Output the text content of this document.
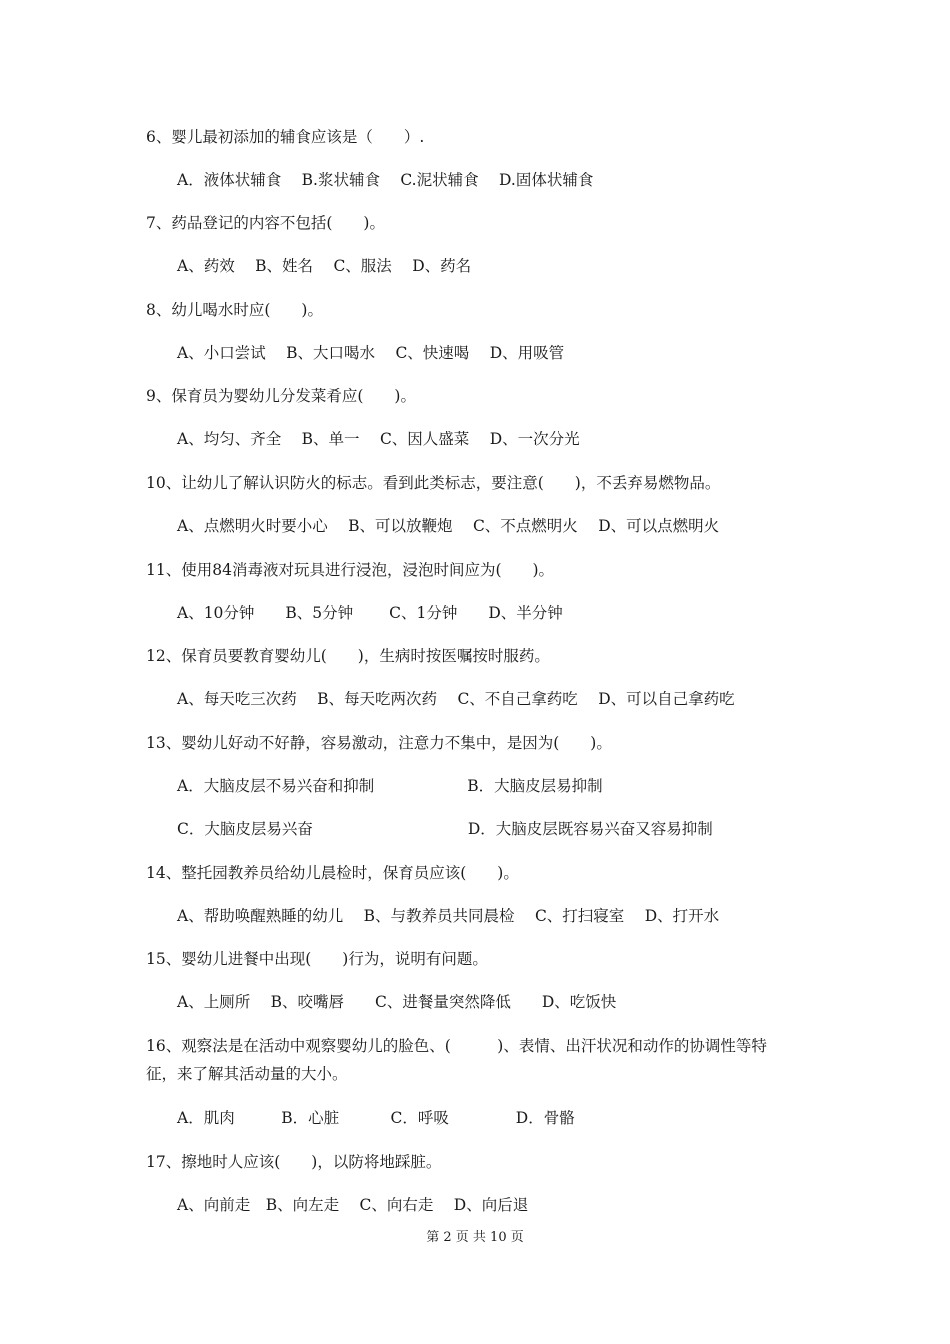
6、婴儿最初添加的辅食应该是（　　）.
A．液体状辅食　 B.浆状辅食　 C.泥状辅食　 D.固体状辅食
7、药品登记的内容不包括(　　)。
A、药效　 B、姓名　 C、服法　 D、药名
8、幼儿喝水时应(　　)。
A、小口尝试　 B、大口喝水　 C、快速喝　 D、用吸管
9、保育员为婴幼儿分发菜肴应(　　)。
A、均匀、齐全　 B、单一　 C、因人盛菜　 D、一次分光
10、让幼儿了解认识防火的标志。看到此类标志，要注意(　　)，不丢弃易燃物品。
A、点燃明火时要小心　 B、可以放鞭炮　 C、不点燃明火　 D、可以点燃明火
11、使用84消毒液对玩具进行浸泡，浸泡时间应为(　　)。
A、10分钟　　B、5分钟　　 C、1分钟　　D、半分钟
12、保育员要教育婴幼儿(　　)，生病时按医嘱按时服药。
A、每天吃三次药　 B、每天吃两次药　 C、不自己拿药吃　 D、可以自己拿药吃
13、婴幼儿好动不好静，容易激动，注意力不集中，是因为(　　)。
A．大脑皮层不易兴奋和抑制　　　　　　B．大脑皮层易抑制
C．大脑皮层易兴奋　　　　　　　　　　D．大脑皮层既容易兴奋又容易抑制
14、整托园教养员给幼儿晨检时，保育员应该(　　)。
A、帮助唤醒熟睡的幼儿　 B、与教养员共同晨检　 C、打扫寝室　 D、打开水
15、婴幼儿进餐中出现(　　)行为，说明有问题。
A、上厕所　 B、咬嘴唇　　C、进餐量突然降低　　D、吃饭快
16、观察法是在活动中观察婴幼儿的脸色、(　　　)、表情、出汗状况和动作的协调性等特
征，来了解其活动量的大小。
A．肌肉　　　B．心脏　　　 C．呼吸　　　　 D．骨骼
17、擦地时人应该(　　)，以防将地踩脏。
A、向前走　B、向左走　 C、向右走　 D、向后退
第 2 页 共 10 页
